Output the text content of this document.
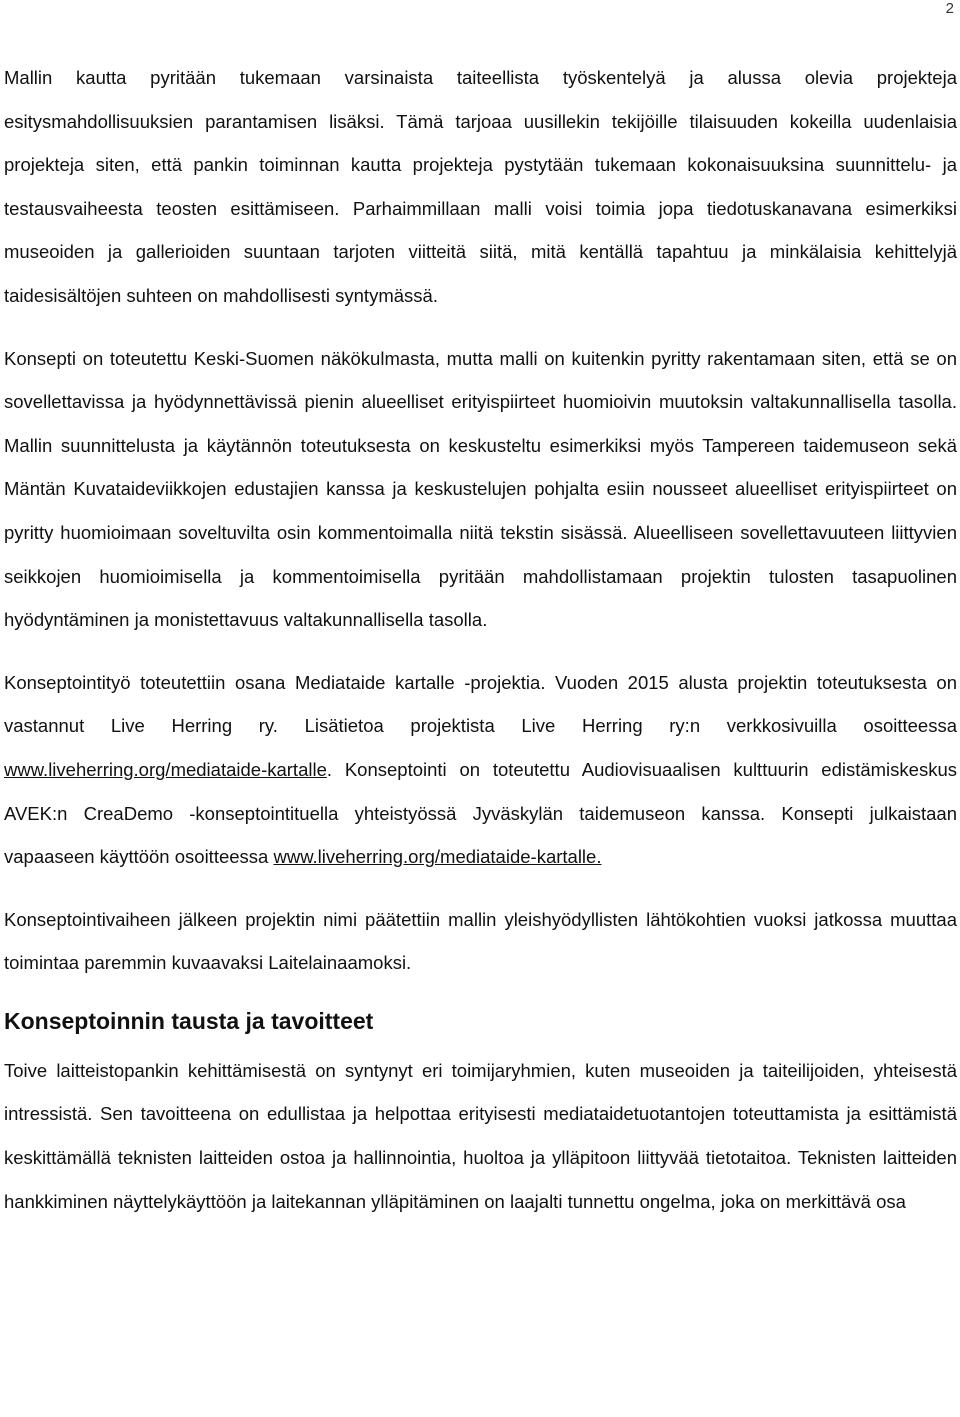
2

Mallin kautta pyritään tukemaan varsinaista taiteellista työskentelyä ja alussa olevia projekteja esitysmahdollisuuksien parantamisen lisäksi. Tämä tarjoaa uusillekin tekijöille tilaisuuden kokeilla uudenlaisia projekteja siten, että pankin toiminnan kautta projekteja pystytään tukemaan kokonaisuuksina suunnittelu- ja testausvaiheesta teosten esittämiseen. Parhaimmillaan malli voisi toimia jopa tiedotuskanavana esimerkiksi museoiden ja gallerioiden suuntaan tarjoten viitteitä siitä, mitä kentällä tapahtuu ja minkälaisia kehittelyjä taidesisältöjen suhteen on mahdollisesti syntymässä.

Konsepti on toteutettu Keski-Suomen näkökulmasta, mutta malli on kuitenkin pyritty rakentamaan siten, että se on sovellettavissa ja hyödynnettävissä pienin alueelliset erityispiirteet huomioivin muutoksin valtakunnallisella tasolla. Mallin suunnittelusta ja käytännön toteutuksesta on keskusteltu esimerkiksi myös Tampereen taidemuseon sekä Mäntän Kuvataideviikkojen edustajien kanssa ja keskustelujen pohjalta esiin nousseet alueelliset erityispiirteet on pyritty huomioimaan soveltuvilta osin kommentoimalla niitä tekstin sisässä. Alueelliseen sovellettavuuteen liittyvien seikkojen huomioimisella ja kommentoimisella pyritään mahdollistamaan projektin tulosten tasapuolinen hyödyntäminen ja monistettavuus valtakunnallisella tasolla.

Konseptointityö toteutettiin osana Mediataide kartalle -projektia. Vuoden 2015 alusta projektin toteutuksesta on vastannut Live Herring ry. Lisätietoa projektista Live Herring ry:n verkkosivuilla osoitteessa www.liveherring.org/mediataide-kartalle. Konseptointi on toteutettu Audiovisuaalisen kulttuurin edistämiskeskus AVEK:n CreaDemo -konseptointituella yhteistyössä Jyväskylän taidemuseon kanssa. Konsepti julkaistaan vapaaseen käyttöön osoitteessa www.liveherring.org/mediataide-kartalle.

Konseptointivaiheen jälkeen projektin nimi päätettiin mallin yleishyödyllisten lähtökohtien vuoksi jatkossa muuttaa toimintaa paremmin kuvaavaksi Laitelainaamoksi.

Konseptoinnin tausta ja tavoitteet

Toive laitteistopankin kehittämisestä on syntynyt eri toimijaryhmien, kuten museoiden ja taiteilijoiden, yhteisestä intressistä. Sen tavoitteena on edullistaa ja helpottaa erityisesti mediataidetuotantojen toteuttamista ja esittämistä keskittämällä teknisten laitteiden ostoa ja hallinnointia, huoltoa ja ylläpitoon liittyvää tietotaitoa. Teknisten laitteiden hankkiminen näyttelykäyttöön ja laitekannan ylläpitäminen on laajalti tunnettu ongelma, joka on merkittävä osa
